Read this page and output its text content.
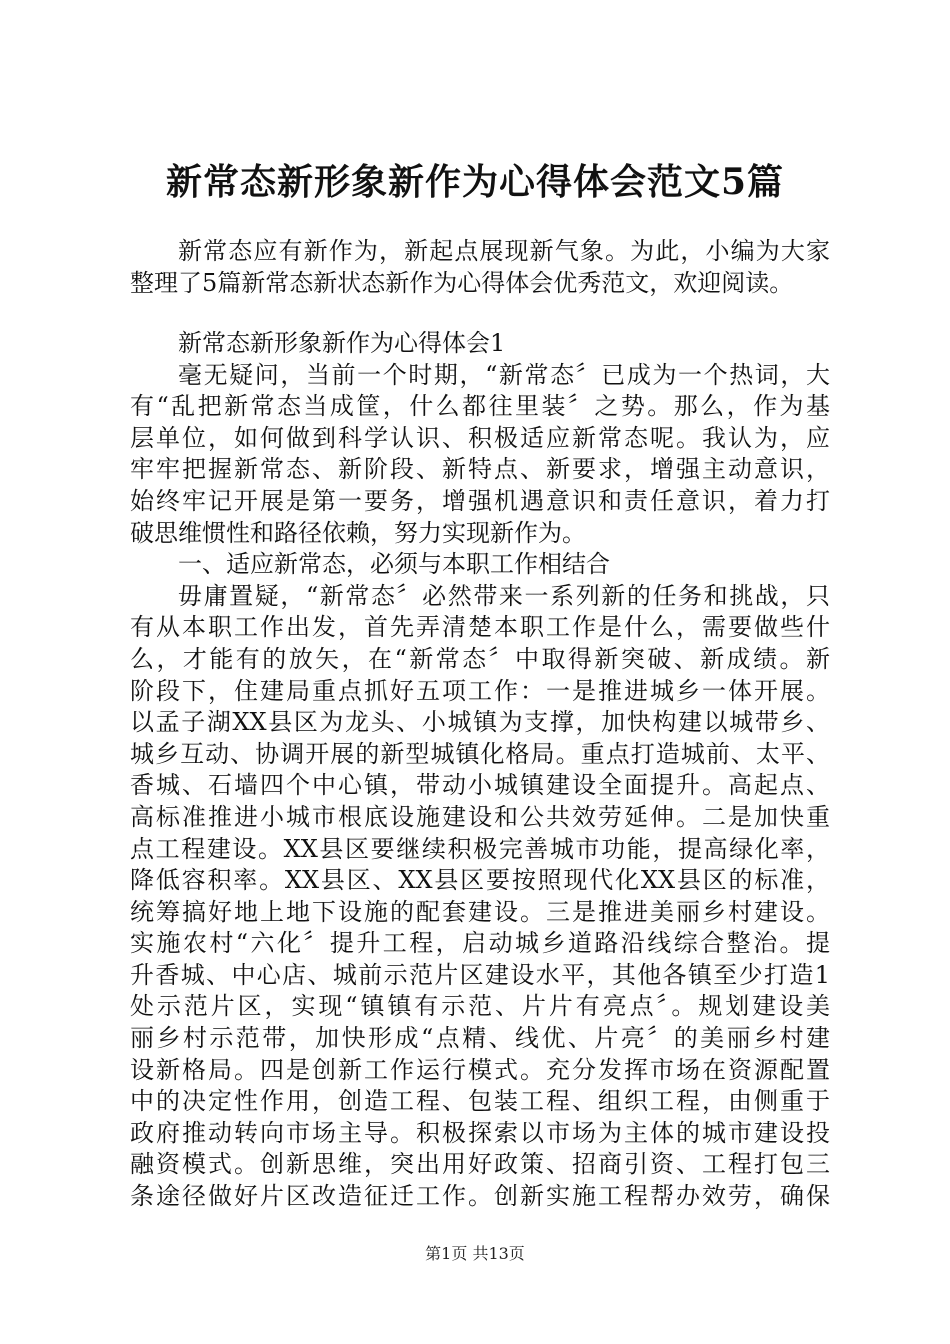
新常态新形象新作为心得体会范文5篇
新常态应有新作为，新起点展现新气象。为此，小编为大家
整理了5篇新常态新状态新作为心得体会优秀范文，欢迎阅读。
新常态新形象新作为心得体会1
毫无疑问，当前一个时期，“新常态〞已成为一个热词，大
有“乱把新常态当成筐，什么都往里装〞之势。那么，作为基
层单位，如何做到科学认识、积极适应新常态呢。我认为，应
牢牢把握新常态、新阶段、新特点、新要求，增强主动意识，
始终牢记开展是第一要务，增强机遇意识和责任意识，着力打
破思维惯性和路径依赖，努力实现新作为。
一、适应新常态，必须与本职工作相结合
毋庸置疑，“新常态〞必然带来一系列新的任务和挑战，只
有从本职工作出发，首先弄清楚本职工作是什么，需要做些什
么，才能有的放矢，在“新常态〞中取得新突破、新成绩。新
阶段下，住建局重点抓好五项工作：一是推进城乡一体开展。
以孟子湖XX县区为龙头、小城镇为支撑，加快构建以城带乡、
城乡互动、协调开展的新型城镇化格局。重点打造城前、太平、
香城、石墙四个中心镇，带动小城镇建设全面提升。高起点、
高标准推进小城市根底设施建设和公共效劳延伸。二是加快重
点工程建设。XX县区要继续积极完善城市功能，提高绿化率，
降低容积率。XX县区、XX县区要按照现代化XX县区的标准，
统筹搞好地上地下设施的配套建设。三是推进美丽乡村建设。
实施农村“六化〞提升工程，启动城乡道路沿线综合整治。提
升香城、中心店、城前示范片区建设水平，其他各镇至少打造1
处示范片区，实现“镇镇有示范、片片有亮点〞。规划建设美
丽乡村示范带，加快形成“点精、线优、片亮〞的美丽乡村建
设新格局。四是创新工作运行模式。充分发挥市场在资源配置
中的决定性作用，创造工程、包装工程、组织工程，由侧重于
政府推动转向市场主导。积极探索以市场为主体的城市建设投
融资模式。创新思维，突出用好政策、招商引资、工程打包三
条途径做好片区改造征迁工作。创新实施工程帮办效劳，确保
第1页 共13页
